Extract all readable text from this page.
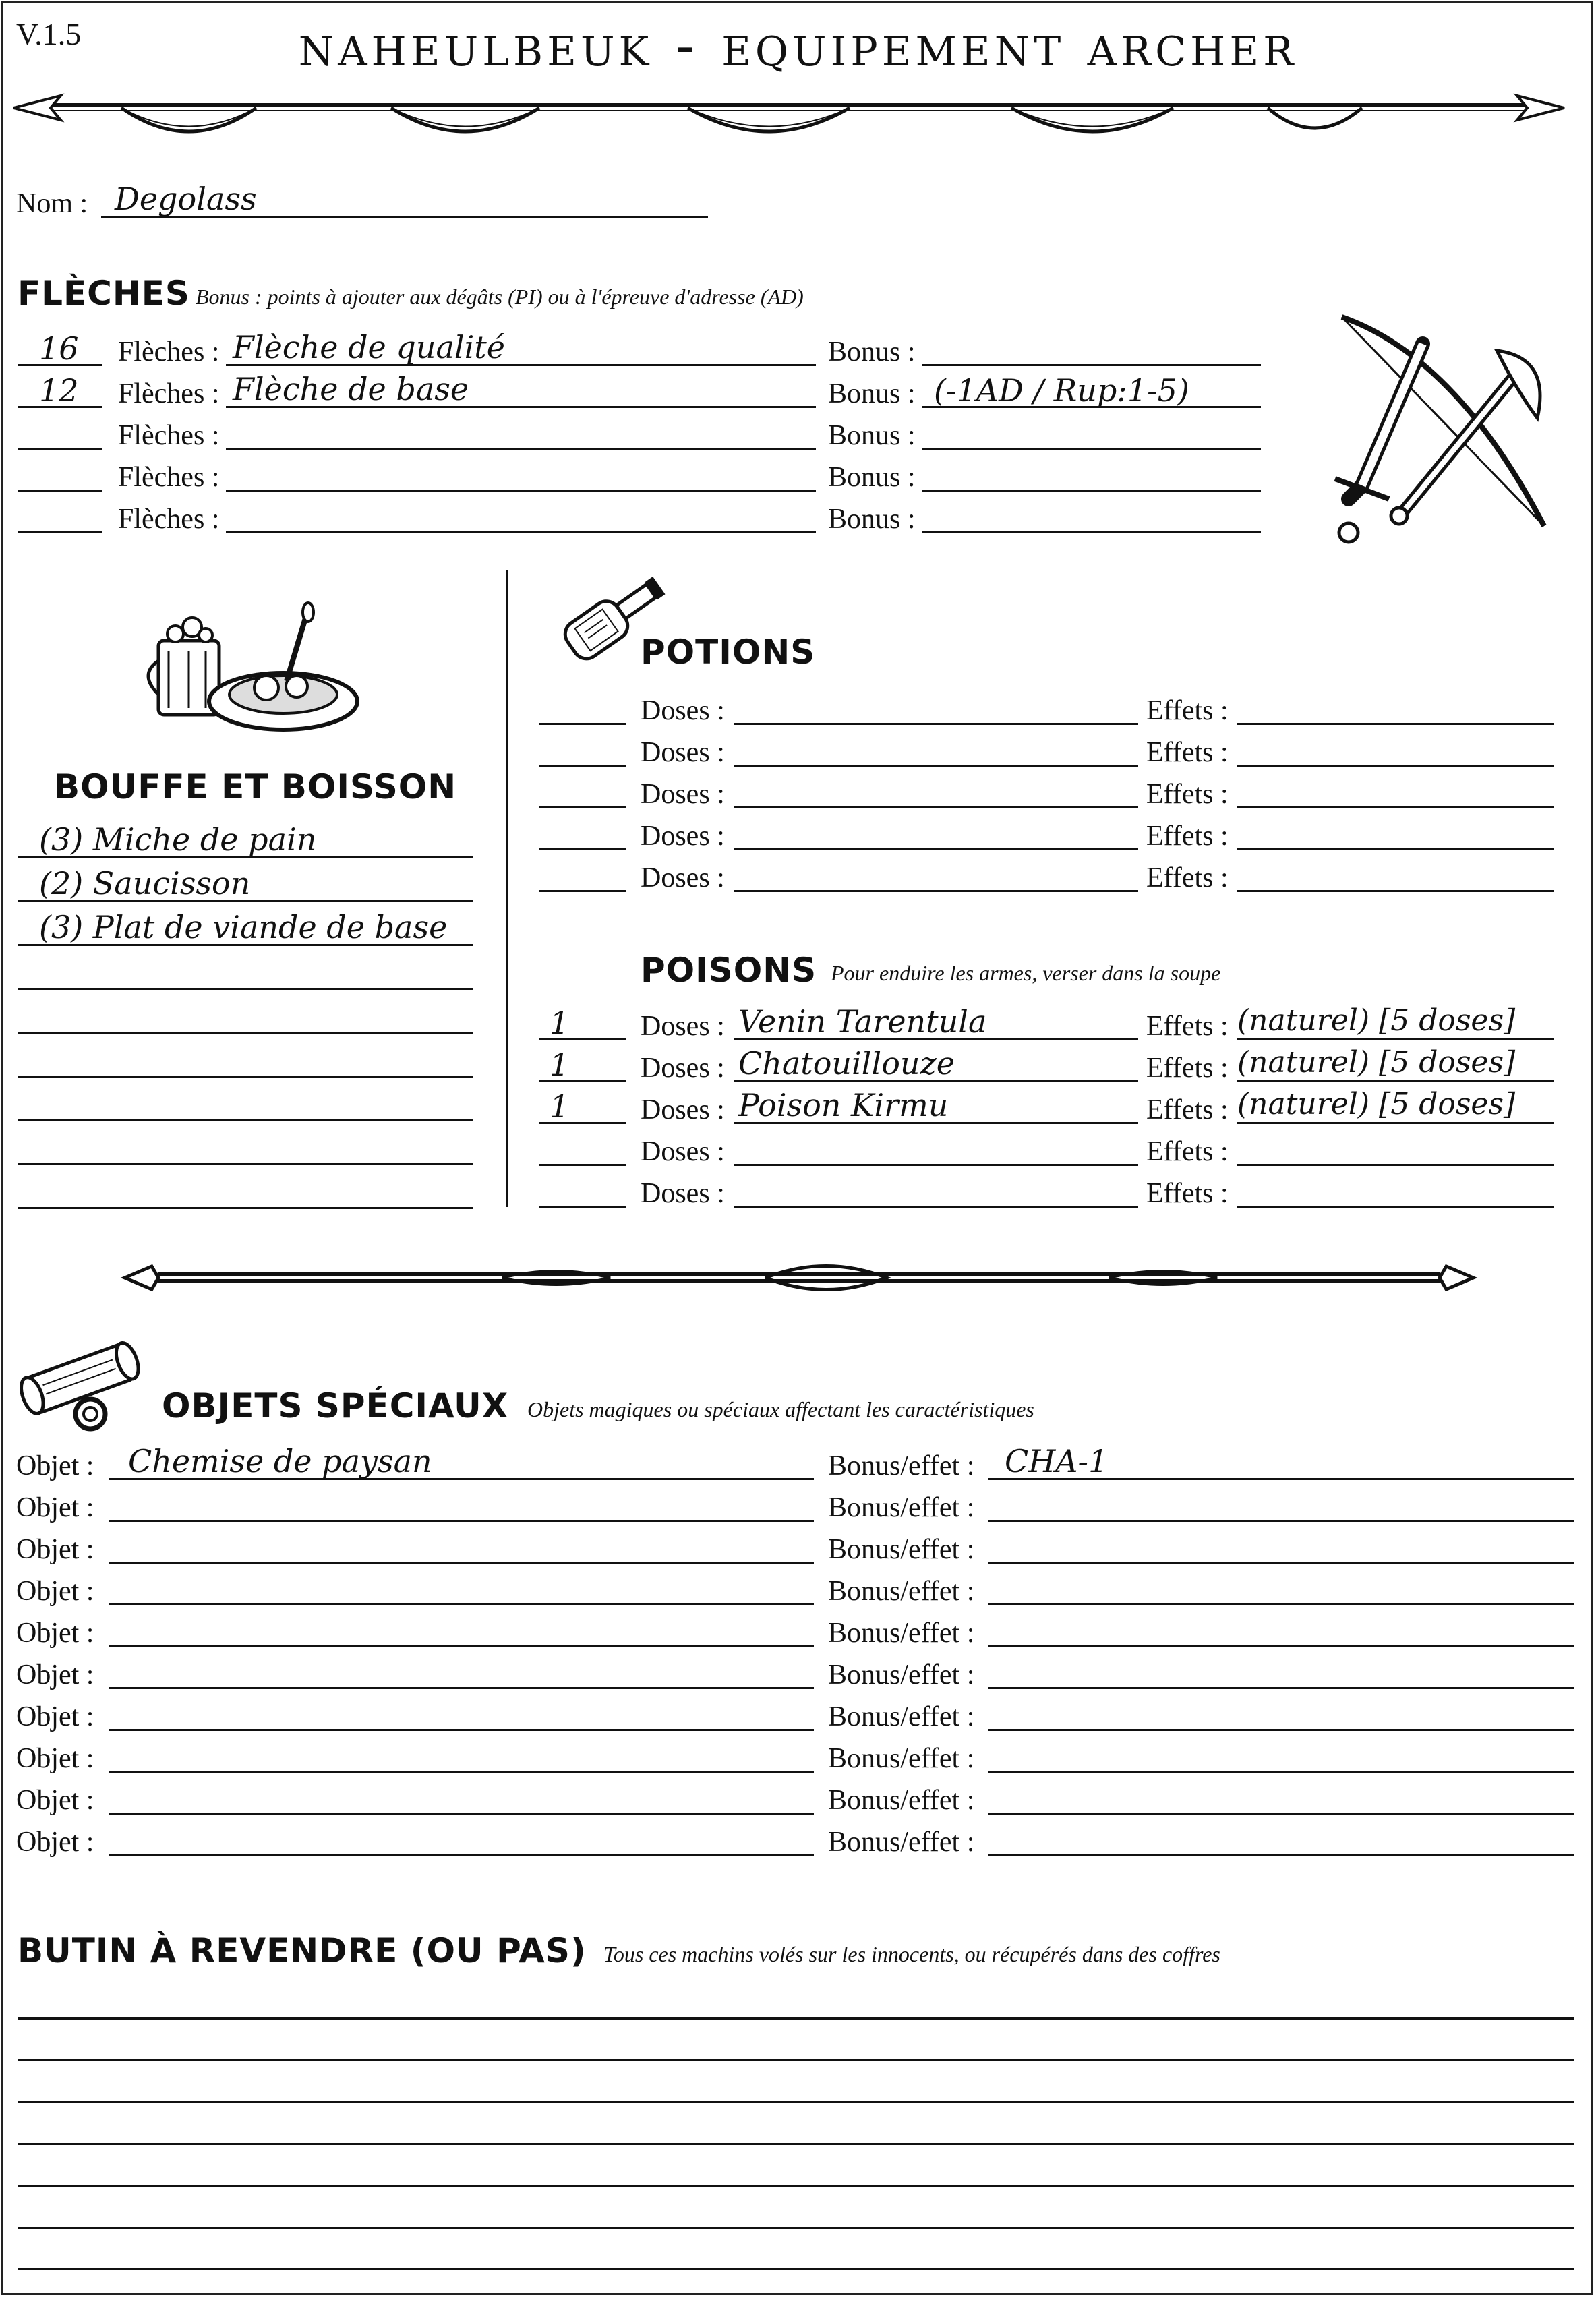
V.1.5	naheulbeuk - equipement archer
Nom : Degolass
FLÈCHES Bonus : points à ajouter aux dégâts (PI) ou à l'épreuve d'adresse (AD)
16 Flèches : Flèche de qualité	Bonus :
12 Flèches : Flèche de base	Bonus : (-1AD / Rup:1-5)
Flèches :	Bonus :
Flèches :	Bonus :
Flèches :	Bonus :
BOUFFE ET BOISSON
(3) Miche de pain
(2) Saucisson
(3) Plat de viande de base
POTIONS
Doses :	Effets :
Doses :	Effets :
Doses :	Effets :
Doses :	Effets :
Doses :	Effets :
POISONS Pour enduire les armes, verser dans la soupe
1	Doses : Venin Tarentula	Effets : (naturel) [5 doses]
1	Doses : Chatouillouze	Effets : (naturel) [5 doses]
1	Doses : Poison Kirmu	Effets : (naturel) [5 doses]
Doses :	Effets :
Doses :	Effets :
OBJETS SPÉCIAUX Objets magiques ou spéciaux affectant les caractéristiques
Objet : Chemise de paysan	Bonus/effet : CHA-1
Objet :	Bonus/effet :
Objet :	Bonus/effet :
Objet :	Bonus/effet :
Objet :	Bonus/effet :
Objet :	Bonus/effet :
Objet :	Bonus/effet :
Objet :	Bonus/effet :
Objet :	Bonus/effet :
Objet :	Bonus/effet :
BUTIN À REVENDRE (OU PAS) Tous ces machins volés sur les innocents, ou récupérés dans des coffres
